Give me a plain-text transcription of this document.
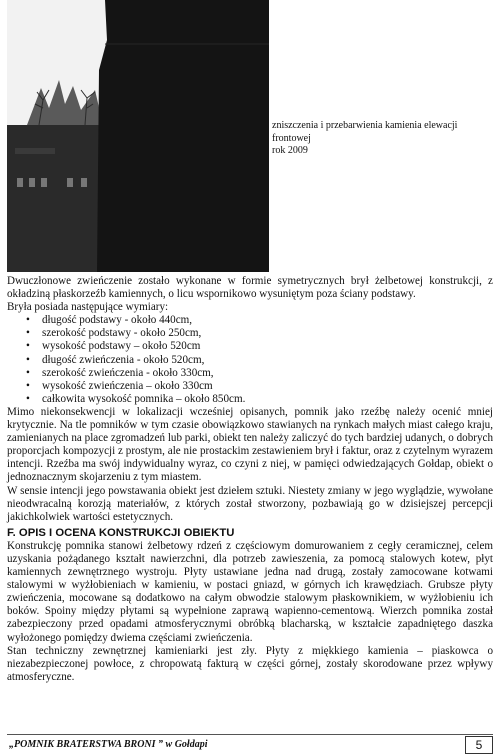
zniszczenia i przebarwienia kamienia elewacji
frontowej
rok 2009

Dwuczłonowe zwieńczenie zostało wykonane w formie symetrycznych brył żelbetowej konstrukcji, z okładziną płaskorzeźb kamiennych, o licu wspornikowo wysuniętym poza ściany podstawy.

Bryła posiada następujące wymiary:

• długość podstawy - około 440cm,
• szerokość podstawy - około 250cm,
• wysokość podstawy – około 520cm
• długość zwieńczenia - około 520cm,
• szerokość zwieńczenia - około 330cm,
• wysokość zwieńczenia – około 330cm
• całkowita wysokość pomnika – około 850cm.

Mimo niekonsekwencji w lokalizacji wcześniej opisanych, pomnik jako rzeźbę należy ocenić mniej krytycznie. Na tle pomników w tym czasie obowiązkowo stawianych na rynkach małych miast całego kraju, zamienianych na place zgromadzeń lub parki, obiekt ten należy zaliczyć do tych bardziej udanych, o dobrych proporcjach kompozycji z prostym, ale nie prostackim zestawieniem brył i faktur, oraz z czytelnym wyrazem intencji. Rzeźba ma swój indywidualny wyraz, co czyni z niej, w pamięci odwiedzających Gołdap, obiekt o jednoznacznym skojarzeniu z tym miastem.

W sensie intencji jego powstawania obiekt jest dziełem sztuki. Niestety zmiany w jego wyglądzie, wywołane nieodwracalną korozją materiałów, z których został stworzony, pozbawiają go w dzisiejszej percepcji jakichkolwiek wartości estetycznych.

F. OPIS I OCENA KONSTRUKCJI OBIEKTU

Konstrukcję pomnika stanowi żelbetowy rdzeń z częściowym domurowaniem z cegły ceramicznej, celem uzyskania pożądanego kształt nawierzchni, dla potrzeb zawieszenia, za pomocą stalowych kotew, płyt kamiennych zewnętrznego wystroju. Płyty ustawiane jedna nad drugą, zostały zamocowane kotwami stalowymi w wyżłobieniach w kamieniu, w postaci gniazd, w górnych ich krawędziach. Grubsze płyty zwieńczenia, mocowane są dodatkowo na całym obwodzie stalowym płaskownikiem, w wyżłobieniu ich boków. Spoiny między płytami są wypełnione zaprawą wapienno-cementową. Wierzch pomnika został zabezpieczony przed opadami atmosferycznymi obróbką blacharską, w kształcie zapadniętego daszka wyłożonego pomiędzy dwiema częściami zwieńczenia.

Stan techniczny zewnętrznej kamieniarki jest zły. Płyty z miękkiego kamienia – piaskowca o niezabezpieczonej powłoce, z chropowatą fakturą w części górnej, zostały skorodowane przez wpływy atmosferyczne.

„POMNIK BRATERSTWA BRONI ” w Gołdapi	5
